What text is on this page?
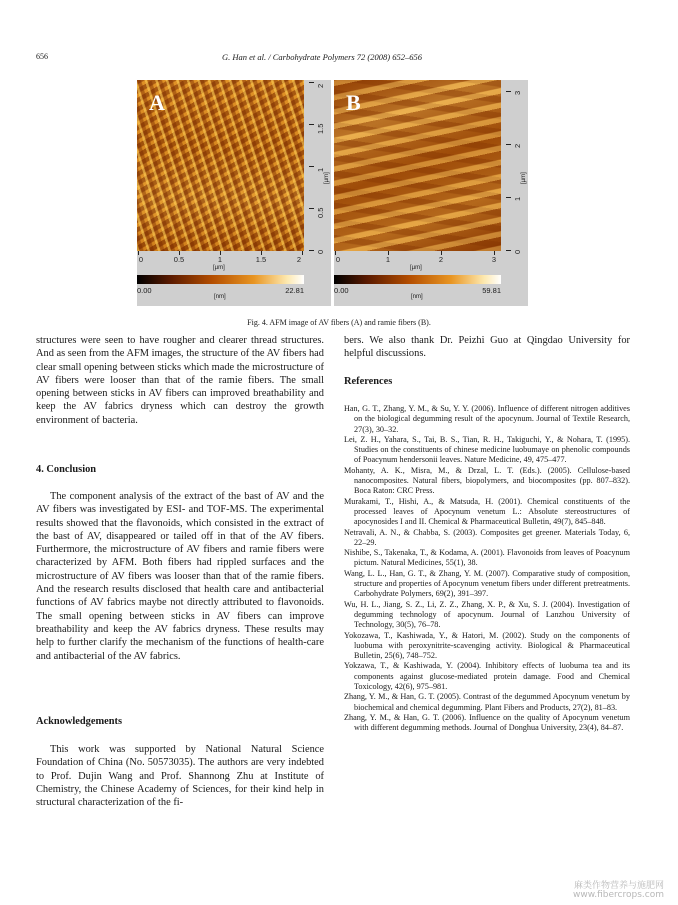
656	G. Han et al. / Carbohydrate Polymers 72 (2008) 652–656
A
0
0.5
1
1.5
2
[µm]
0	0.5	1	1.5	2
[µm]
0.00	22.81
[nm]
B
0
1
2
3
[µm]
0	1	2	3
[µm]
0.00	59.81
[nm]
Fig. 4. AFM image of AV fibers (A) and ramie fibers (B).

structures were seen to have rougher and clearer thread structures. And as seen from the AFM images, the structure of the AV fibers had clear small opening between sticks which made the microstructure of AV fibers were looser than that of the ramie fibers. The small opening between sticks in AV fibers can improved breathability and keep the AV fabrics dryness which can destroy the growth environment of bacteria.

4. Conclusion

The component analysis of the extract of the bast of AV and the AV fibers was investigated by ESI- and TOF-MS. The experimental results showed that the flavonoids, which consisted in the extract of the bast of AV, disappeared or tailed off in that of the AV fibers. Furthermore, the microstructure of AV fibers and ramie fibers were characterized by AFM. Both fibers had rippled surfaces and the microstructure of AV fibers was looser than that of the ramie fibers. And the research results disclosed that health care and antibacterial functions of AV fabrics maybe not directly attributed to flavonoids. The small opening between sticks in AV fibers can improve breathability and keep the AV fabrics dryness. These results may help to further clarify the mechanism of the functions of health-care and antibacterial of the AV fabrics.

Acknowledgements

This work was supported by National Natural Science Foundation of China (No. 50573035). The authors are very indebted to Prof. Dujin Wang and Prof. Shannong Zhu at Institute of Chemistry, the Chinese Academy of Sciences, for their kind help in structural characterization of the fi-

bers. We also thank Dr. Peizhi Guo at Qingdao University for helpful discussions.

References
Han, G. T., Zhang, Y. M., & Su, Y. Y. (2006). Influence of different nitrogen additives on the biological degumming result of the apocynum. Journal of Textile Research, 27(3), 30–32.
Lei, Z. H., Yahara, S., Tai, B. S., Tian, R. H., Takiguchi, Y., & Nohara, T. (1995). Studies on the constituents of chinese medicine luobumaye on phenolic compounds of Poacynum hendersonii leaves. Nature Medicine, 49, 475–477.
Mohanty, A. K., Misra, M., & Drzal, L. T. (Eds.). (2005). Cellulose-based nanocomposites. Natural fibers, biopolymers, and biocomposites (pp. 807–832). Boca Raton: CRC Press.
Murakami, T., Hishi, A., & Matsuda, H. (2001). Chemical constituents of the processed leaves of Apocynum venetum L.: Absolute stereostructures of apocynosides I and II. Chemical & Pharmaceutical Bulletin, 49(7), 845–848.
Netravali, A. N., & Chabba, S. (2003). Composites get greener. Materials Today, 6, 22–29.
Nishibe, S., Takenaka, T., & Kodama, A. (2001). Flavonoids from leaves of Poacynum pictum. Natural Medicines, 55(1), 38.
Wang, L. L., Han, G. T., & Zhang, Y. M. (2007). Comparative study of composition, structure and properties of Apocynum venetum fibers under different pretreatments. Carbohydrate Polymers, 69(2), 391–397.
Wu, H. L., Jiang, S. Z., Li, Z. Z., Zhang, X. P., & Xu, S. J. (2004). Investigation of degumming technology of apocynum. Journal of Lanzhou University of Technology, 30(5), 76–78.
Yokozawa, T., Kashiwada, Y., & Hatori, M. (2002). Study on the components of luobuma with peroxynitrite-scavenging activity. Biological & Pharmaceutical Bulletin, 25(6), 748–752.
Yokzawa, T., & Kashiwada, Y. (2004). Inhibitory effects of luobuma tea and its components against glucose-mediated protein damage. Food and Chemical Toxicology, 42(6), 975–981.
Zhang, Y. M., & Han, G. T. (2005). Contrast of the degummed Apocynum venetum by biochemical and chemical degumming. Plant Fibers and Products, 27(2), 81–83.
Zhang, Y. M., & Han, G. T. (2006). Influence on the quality of Apocynum venetum with different degumming methods. Journal of Donghua University, 23(4), 84–87.
麻类作物营养与施肥网
www.fibercrops.com
